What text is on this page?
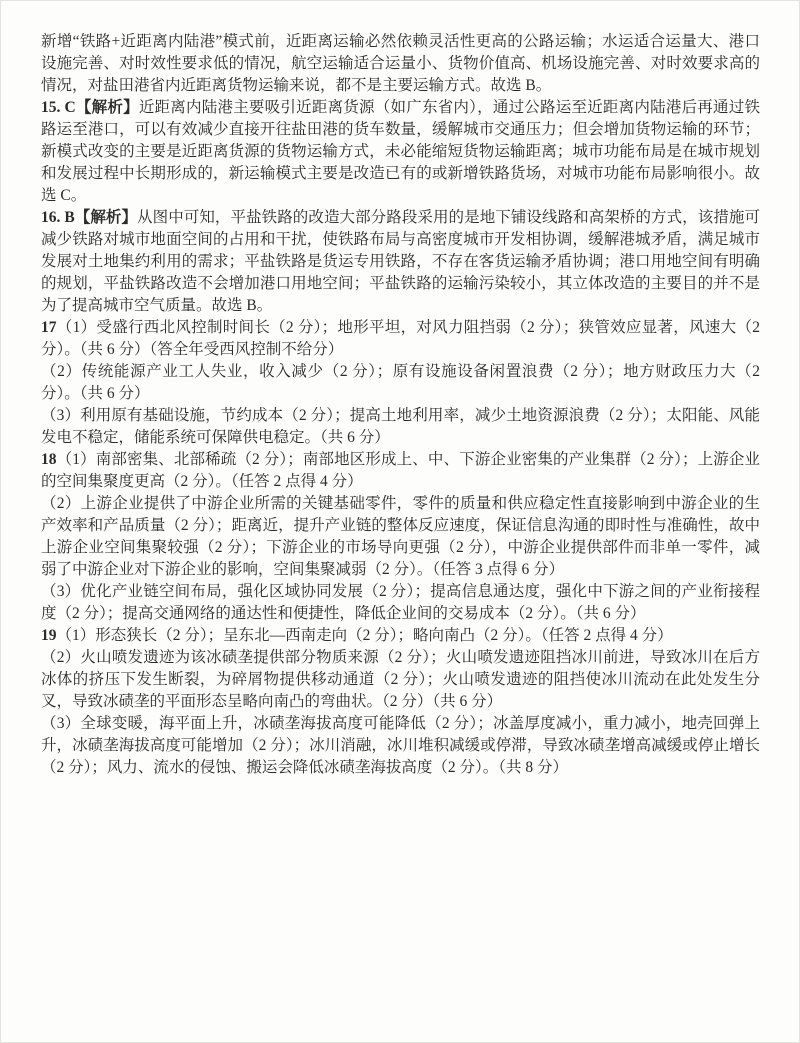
新增“铁路+近距离内陆港”模式前，近距离运输必然依赖灵活性更高的公路运输；水运适合运量大、港口设施完善、对时效性要求低的情况，航空运输适合运量小、货物价值高、机场设施完善、对时效要求高的情况，对盐田港省内近距离货物运输来说，都不是主要运输方式。故选 B。

15. C【解析】近距离内陆港主要吸引近距离货源（如广东省内），通过公路运至近距离内陆港后再通过铁路运至港口，可以有效减少直接开往盐田港的货车数量，缓解城市交通压力；但会增加货物运输的环节；新模式改变的主要是近距离货源的货物运输方式，未必能缩短货物运输距离；城市功能布局是在城市规划和发展过程中长期形成的，新运输模式主要是改造已有的或新增铁路货场，对城市功能布局影响很小。故选 C。

16. B【解析】从图中可知，平盐铁路的改造大部分路段采用的是地下铺设线路和高架桥的方式，该措施可减少铁路对城市地面空间的占用和干扰，使铁路布局与高密度城市开发相协调，缓解港城矛盾，满足城市发展对土地集约利用的需求；平盐铁路是货运专用铁路，不存在客货运输矛盾协调；港口用地空间有明确的规划，平盐铁路改造不会增加港口用地空间；平盐铁路的运输污染较小，其立体改造的主要目的并不是为了提高城市空气质量。故选 B。

17（1）受盛行西北风控制时间长（2 分）；地形平坦，对风力阻挡弱（2 分）；狭管效应显著，风速大（2 分）。（共 6 分）（答全年受西风控制不给分）

（2）传统能源产业工人失业，收入减少（2 分）；原有设施设备闲置浪费（2 分）；地方财政压力大（2 分）。（共 6 分）

（3）利用原有基础设施，节约成本（2 分）；提高土地利用率，减少土地资源浪费（2 分）；太阳能、风能发电不稳定，储能系统可保障供电稳定。（共 6 分）

18（1）南部密集、北部稀疏（2 分）；南部地区形成上、中、下游企业密集的产业集群（2 分）；上游企业的空间集聚度更高（2 分）。（任答 2 点得 4 分）

（2）上游企业提供了中游企业所需的关键基础零件，零件的质量和供应稳定性直接影响到中游企业的生产效率和产品质量（2 分）；距离近，提升产业链的整体反应速度，保证信息沟通的即时性与准确性，故中上游企业空间集聚较强（2 分）；下游企业的市场导向更强（2 分），中游企业提供部件而非单一零件，减弱了中游企业对下游企业的影响，空间集聚减弱（2 分）。（任答 3 点得 6 分）

（3）优化产业链空间布局，强化区域协同发展（2 分）；提高信息通达度，强化中下游之间的产业衔接程度（2 分）；提高交通网络的通达性和便捷性，降低企业间的交易成本（2 分）。（共 6 分）

19（1）形态狭长（2 分）；呈东北—西南走向（2 分）；略向南凸（2 分）。（任答 2 点得 4 分）

（2）火山喷发遗迹为该冰碛垄提供部分物质来源（2 分）；火山喷发遗迹阻挡冰川前进，导致冰川在后方冰体的挤压下发生断裂，为碎屑物提供移动通道（2 分）；火山喷发遗迹的阻挡使冰川流动在此处发生分叉，导致冰碛垄的平面形态呈略向南凸的弯曲状。（2 分）（共 6 分）

（3）全球变暖，海平面上升，冰碛垄海拔高度可能降低（2 分）；冰盖厚度减小，重力减小，地壳回弹上升，冰碛垄海拔高度可能增加（2 分）；冰川消融，冰川堆积减缓或停滞，导致冰碛垄增高减缓或停止增长（2 分）；风力、流水的侵蚀、搬运会降低冰碛垄海拔高度（2 分）。（共 8 分）
